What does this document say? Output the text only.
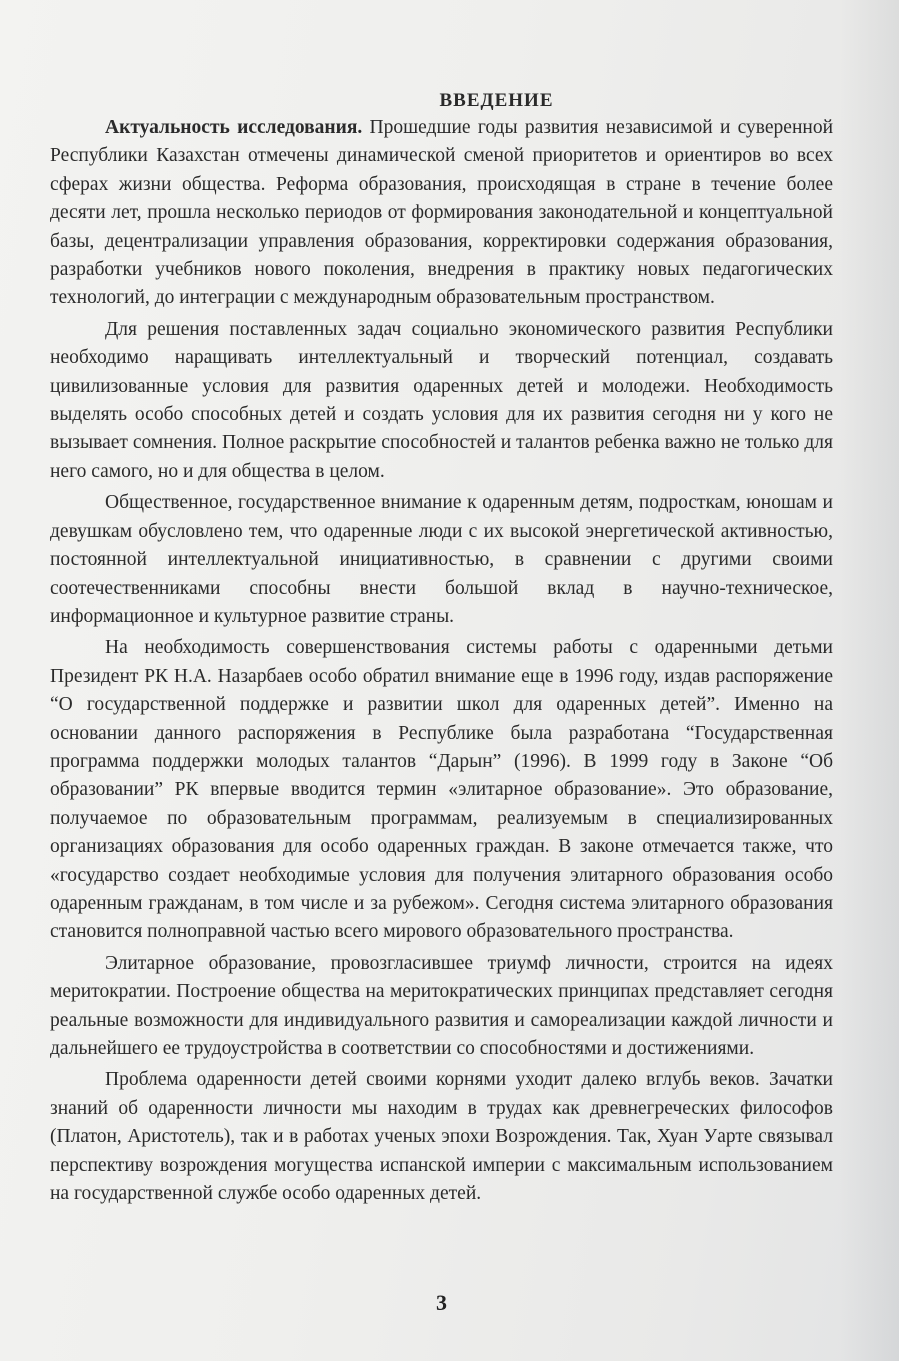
ВВЕДЕНИЕ

Актуальность исследования. Прошедшие годы развития независимой и суверенной Республики Казахстан отмечены динамической сменой приоритетов и ориентиров во всех сферах жизни общества. Реформа образования, происходящая в стране в течение более десяти лет, прошла несколько периодов от формирования законодательной и концептуальной базы, децентрализации управления образования, корректировки содержания образования, разработки учебников нового поколения, внедрения в практику новых педагогических технологий, до интеграции с международным образовательным пространством.

Для решения поставленных задач социально экономического развития Республики необходимо наращивать интеллектуальный и творческий потенциал, создавать цивилизованные условия для развития одаренных детей и молодежи. Необходимость выделять особо способных детей и создать условия для их развития сегодня ни у кого не вызывает сомнения. Полное раскрытие способностей и талантов ребенка важно не только для него самого, но и для общества в целом.

Общественное, государственное внимание к одаренным детям, подросткам, юношам и девушкам обусловлено тем, что одаренные люди с их высокой энергетической активностью, постоянной интеллектуальной инициативностью, в сравнении с другими своими соотечественниками способны внести большой вклад в научно-техническое, информационное и культурное развитие страны.

На необходимость совершенствования системы работы с одаренными детьми Президент РК Н.А. Назарбаев особо обратил внимание еще в 1996 году, издав распоряжение “О государственной поддержке и развитии школ для одаренных детей”. Именно на основании данного распоряжения в Республике была разработана “Государственная программа поддержки молодых талантов “Дарын” (1996). В 1999 году в Законе “Об образовании” РК впервые вводится термин «элитарное образование». Это образование, получаемое по образовательным программам, реализуемым в специализированных организациях образования для особо одаренных граждан. В законе отмечается также, что «государство создает необходимые условия для получения элитарного образования особо одаренным гражданам, в том числе и за рубежом». Сегодня система элитарного образования становится полноправной частью всего мирового образовательного пространства.

Элитарное образование, провозгласившее триумф личности, строится на идеях меритократии. Построение общества на меритократических принципах представляет сегодня реальные возможности для индивидуального развития и самореализации каждой личности и дальнейшего ее трудоустройства в соответствии со способностями и достижениями.

Проблема одаренности детей своими корнями уходит далеко вглубь веков. Зачатки знаний об одаренности личности мы находим в трудах как древнегреческих философов (Платон, Аристотель), так и в работах ученых эпохи Возрождения. Так, Хуан Уарте связывал перспективу возрождения могущества испанской империи с максимальным использованием на государственной службе особо одаренных детей.

3
